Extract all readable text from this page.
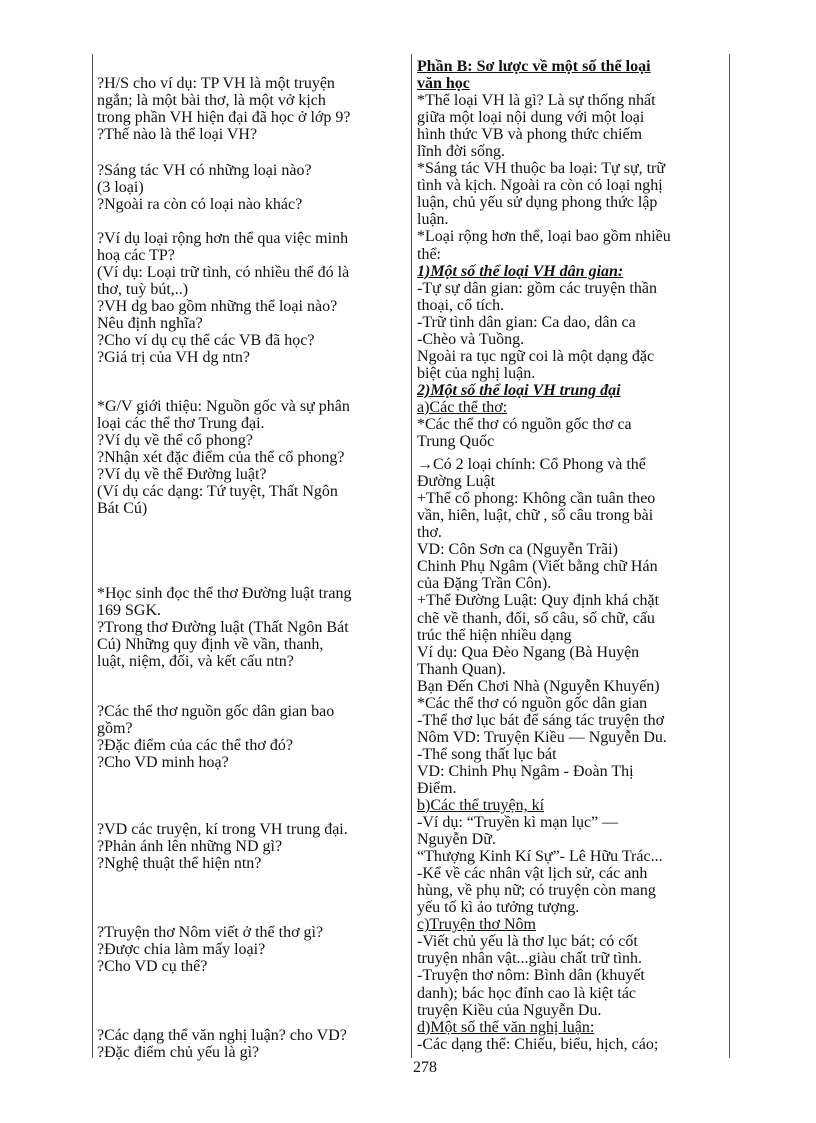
?H/S cho ví dụ: TP VH là một truyện
ngắn; là một bài thơ, là một vở kịch
trong phần VH hiện đại đã học ở lớp 9?
?Thế nào là thể loại VH?
?Sáng tác VH có những loại nào?
(3 loại)
?Ngoài ra còn có loại nào khác?
?Ví dụ loại rộng hơn thể qua việc minh
hoạ các TP?
(Ví dụ: Loại trữ tình, có nhiều thể đó là
thơ, tuỳ bút,..)
?VH dg bao gồm những thể loại nào?
Nêu định nghĩa?
?Cho ví dụ cụ thể các VB đã học?
?Giá trị của VH dg ntn?
*G/V giới thiệu: Nguồn gốc và sự phân
loại các thể thơ Trung đại.
?Ví dụ về thể cổ phong?
?Nhận xét đặc điểm của thể cổ phong?
?Ví dụ về thể Đường luật?
(Ví dụ các dạng: Tứ tuyệt, Thất Ngôn
Bát Cú)
*Học sinh đọc thể thơ Đường luật trang
169 SGK.
?Trong thơ Đường luật (Thất Ngôn Bát
Cú) Những quy định về vần, thanh,
luật, niệm, đối, và kết cấu ntn?
?Các thể thơ nguồn gốc dân gian bao
gồm?
?Đặc điểm của các thể thơ đó?
?Cho VD minh hoạ?
?VD các truyện, kí trong VH trung đại.
?Phản ánh lên những ND gì?
?Nghệ thuật thể hiện ntn?
?Truyện thơ Nôm viết ở thể thơ gì?
?Được chia làm mấy loại?
?Cho VD cụ thể?
?Các dạng thể văn nghị luận? cho VD?
?Đặc điểm chủ yếu là gì?
Phần B: Sơ lược về một số thể loại
văn học
*Thể loại VH là gì? Là sự thống nhất
giữa một loại nội dung với một loại
hình thức VB và phong thức chiếm
lĩnh đời sống.
*Sáng tác VH thuộc ba loại: Tự sự, trữ
tình và kịch. Ngoài ra còn có loại nghị
luận, chủ yếu sử dụng phong thức lập
luận.
*Loại rộng hơn thể, loại bao gồm nhiều
thể:
1)Một số thể loại VH dân gian:
-Tự sự dân gian: gồm các truyện thần
thoại, cổ tích.
-Trữ tình dân gian: Ca dao, dân ca
-Chèo và Tuồng.
Ngoài ra tục ngữ coi là một dạng đặc
biệt của nghị luận.
2)Một số thể loại VH trung đại
a)Các thể thơ:
*Các thể thơ có nguồn gốc thơ ca
Trung Quốc
→Có 2 loại chính: Cổ Phong và thể
Đường Luật
+Thể cổ phong: Không cần tuân theo
vần, hiên, luật, chữ , số câu trong bài
thơ.
VD: Côn Sơn ca (Nguyễn Trãi)
Chinh Phụ Ngâm (Viết bằng chữ Hán
của Đặng Trần Côn).
+Thể Đường Luật: Quy định khá chặt
chẽ về thanh, đối, số câu, số chữ, cấu
trúc thể hiện nhiều dạng
Ví dụ: Qua Đèo Ngang (Bà Huyện
Thanh Quan).
Bạn Đến Chơi Nhà (Nguyễn Khuyến)
*Các thể thơ có nguồn gốc dân gian
-Thể thơ lục bát để sáng tác truyện thơ
Nôm VD: Truyện Kiều — Nguyễn Du.
-Thể song thất lục bát
VD: Chinh Phụ Ngâm - Đoàn Thị
Điểm.
b)Các thể truyện, kí
-Ví dụ: “Truyền kì mạn lục” —
Nguyễn Dữ.
“Thượng Kinh Kí Sự”- Lê Hữu Trác...
-Kể về các nhân vật lịch sử, các anh
hùng, về phụ nữ; có truyện còn mang
yếu tố kì ảo tưởng tượng.
c)Truyện thơ Nôm
-Viết chủ yếu là thơ lục bát; có cốt
truyện nhân vật...giàu chất trữ tình.
-Truyện thơ nôm: Bình dân (khuyết
danh); bác học đỉnh cao là kiệt tác
truyện Kiều của Nguyễn Du.
d)Một số thể văn nghị luận:
-Các dạng thể: Chiếu, biểu, hịch, cáo;
278
